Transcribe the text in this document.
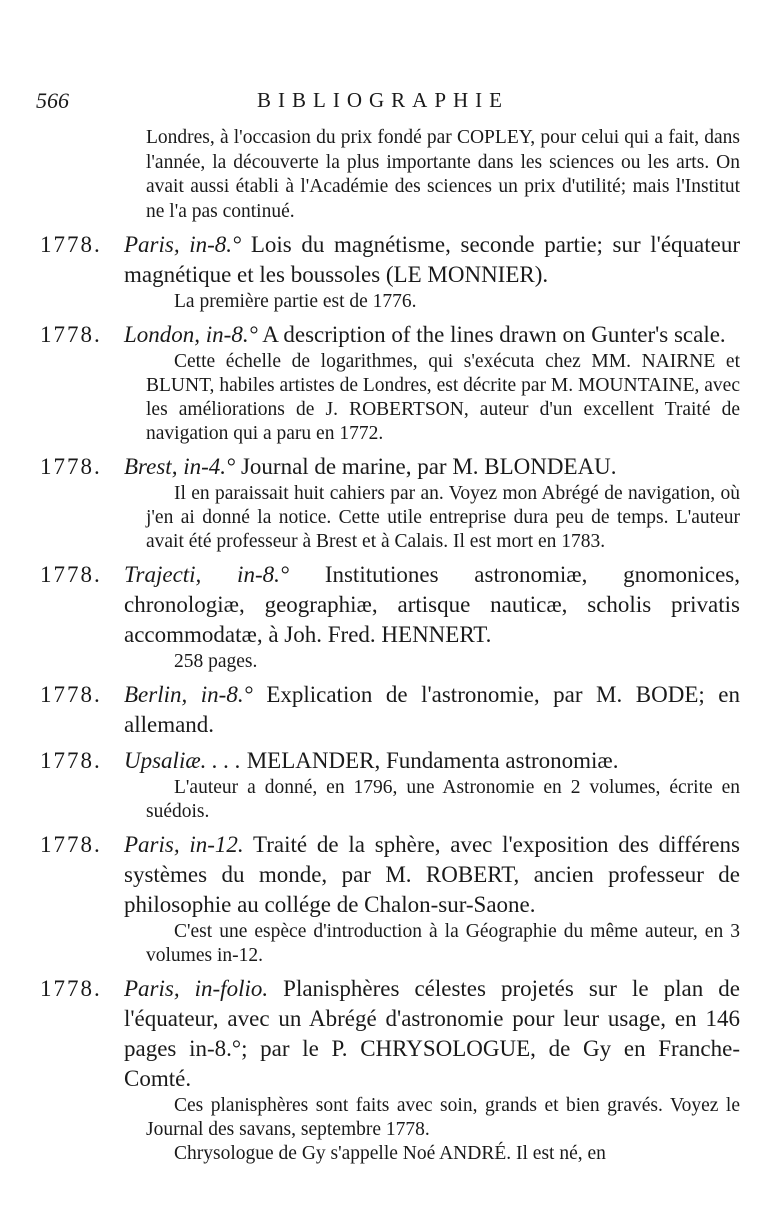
566	BIBLIOGRAPHIE
Londres, à l'occasion du prix fondé par COPLEY, pour celui qui a fait, dans l'année, la découverte la plus importante dans les sciences ou les arts. On avait aussi établi à l'Académie des sciences un prix d'utilité; mais l'Institut ne l'a pas continué.
1778. Paris, in-8.° Lois du magnétisme, seconde partie; sur l'équateur magnétique et les boussoles (LE MONNIER).

La première partie est de 1776.

1778. London, in-8.° A description of the lines drawn on Gunter's scale.

Cette échelle de logarithmes, qui s'exécuta chez MM. NAIRNE et BLUNT, habiles artistes de Londres, est décrite par M. MOUNTAINE, avec les améliorations de J. ROBERTSON, auteur d'un excellent Traité de navigation qui a paru en 1772.

1778. Brest, in-4.° Journal de marine, par M. BLONDEAU.

Il en paraissait huit cahiers par an. Voyez mon Abrégé de navigation, où j'en ai donné la notice. Cette utile entreprise dura peu de temps. L'auteur avait été professeur à Brest et à Calais. Il est mort en 1783.

1778. Trajecti, in-8.° Institutiones astronomiæ, gnomonices, chronologiæ, geographiæ, artisque nauticæ, scholis privatis accommodatæ, à Joh. Fred. HENNERT.

258 pages.

1778. Berlin, in-8.° Explication de l'astronomie, par M. BODE; en allemand.
1778. Upsaliæ. . . . MELANDER, Fundamenta astronomiæ.

L'auteur a donné, en 1796, une Astronomie en 2 volumes, écrite en suédois.

1778. Paris, in-12. Traité de la sphère, avec l'exposition des différens systèmes du monde, par M. ROBERT, ancien professeur de philosophie au collége de Chalon-sur-Saone.

C'est une espèce d'introduction à la Géographie du même auteur, en 3 volumes in-12.

1778. Paris, in-folio. Planisphères célestes projetés sur le plan de l'équateur, avec un Abrégé d'astronomie pour leur usage, en 146 pages in-8.°; par le P. CHRYSOLOGUE, de Gy en Franche-Comté.

Ces planisphères sont faits avec soin, grands et bien gravés. Voyez le Journal des savans, septembre 1778.

Chrysologue de Gy s'appelle Noé ANDRÉ. Il est né, en
